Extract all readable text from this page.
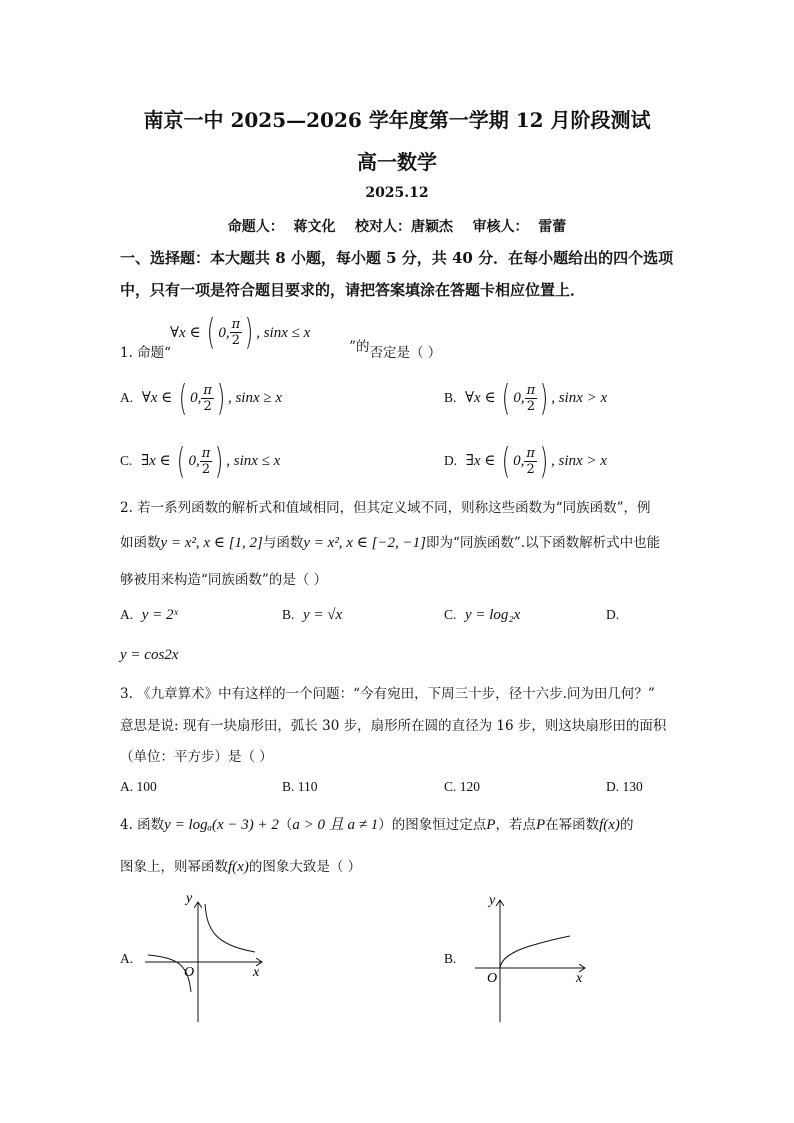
南京一中 2025—2026 学年度第一学期 12 月阶段测试
高一数学
2025.12
命题人：  蒋文化    校对人：唐颖杰    审核人：  雷蕾
一、选择题：本大题共 8 小题，每小题 5 分，共 40 分．在每小题给出的四个选项中，只有一项是符合题目要求的，请把答案填涂在答题卡相应位置上．
∀x ∈ ( 0, $\frac{\pi}{2}$ ) , sinx ≤ x
1. 命题“	”的否定是（ ）
A. ∀x ∈ ( 0, $\frac{\pi}{2}$ ) , sinx ≥ x	B. ∀x ∈ ( 0, $\frac{\pi}{2}$ ) , sinx > x
C. ∃x ∈ ( 0, $\frac{\pi}{2}$ ) , sinx ≤ x	D. ∃x ∈ ( 0, $\frac{\pi}{2}$ ) , sinx > x
2. 若一系列函数的解析式和值域相同，但其定义域不同，则称这些函数为“同族函数”，例
如函数y = x², x ∈ [1, 2]与函数y = x², x ∈ [−2, −1]即为“同族函数”.以下函数解析式中也能
够被用来构造“同族函数”的是（ ）
A. y = 2ˣ	B. y = √x	C. y = log₂x	D.
y = cos2x
3. 《九章算术》中有这样的一个问题：“今有宛田，下周三十步，径十六步.问为田几何？”
意思是说: 现有一块扇形田，弧长 30 步，扇形所在圆的直径为 16 步，则这块扇形田的面积
（单位：平方步）是（ ）
A. 100	B. 110	C. 120	D. 130
4. 函数y = logₐ(x − 3) + 2（a > 0 且 a ≠ 1）的图象恒过定点P，若点P在幂函数f(x)的
图象上，则幂函数f(x)的图象大致是（ ）
A.
y
x
O
B.
y
x
O
